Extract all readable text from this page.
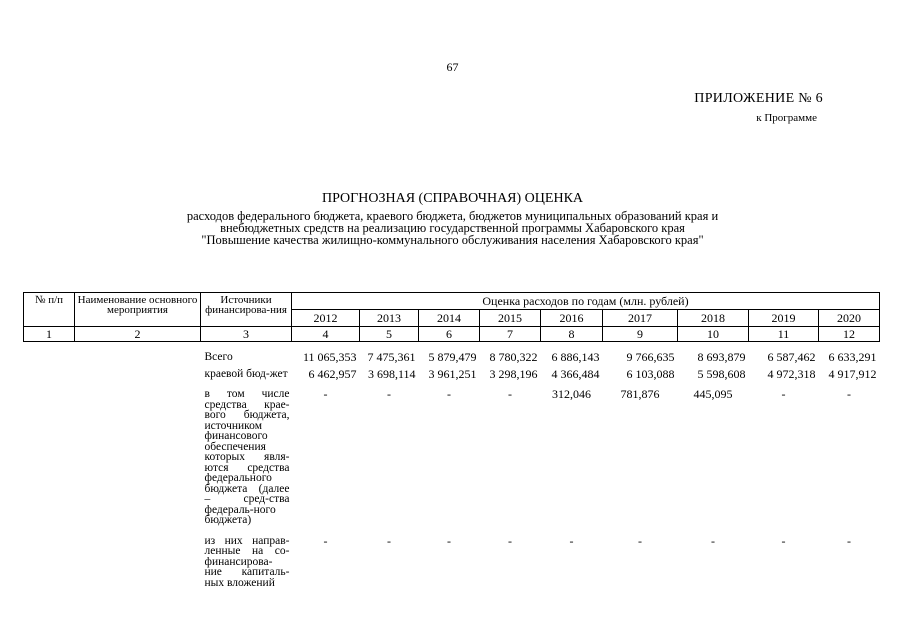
67
ПРИЛОЖЕНИЕ № 6
к Программе
ПРОГНОЗНАЯ (СПРАВОЧНАЯ) ОЦЕНКА
расходов федерального бюджета, краевого бюджета, бюджетов муниципальных образований края и
внебюджетных средств на реализацию государственной программы Хабаровского края
"Повышение качества жилищно-коммунального обслуживания населения Хабаровского края"
№ п/п	Наименование основного мероприятия	Источники финансирова-ния	Оценка расходов по годам (млн. рублей)								
			2012	2013	2014	2015	2016	2017	2018	2019	2020
1	2	3	4	5	6	7	8	9	10	11	12

		Всего	11 065,353	7 475,361	5 879,479	8 780,322	6 886,143	9 766,635	8 693,879	6 587,462	6 633,291
		краевой бюд-жет	6 462,957	3 698,114	3 961,251	3 298,196	4 366,484	6 103,088	5 598,608	4 972,318	4 917,912
		в том числе средства крае-вого бюджета, источником финансового обеспечения которых явля-ются средства федерального бюджета (далее – сред-ства федераль-ного бюджета)	-	-	-	-	312,046	781,876	445,095	-	-
		из них направ-ленные на со-финансирова-ние капиталь-ных вложений	-	-	-	-	-	-	-	-	-
